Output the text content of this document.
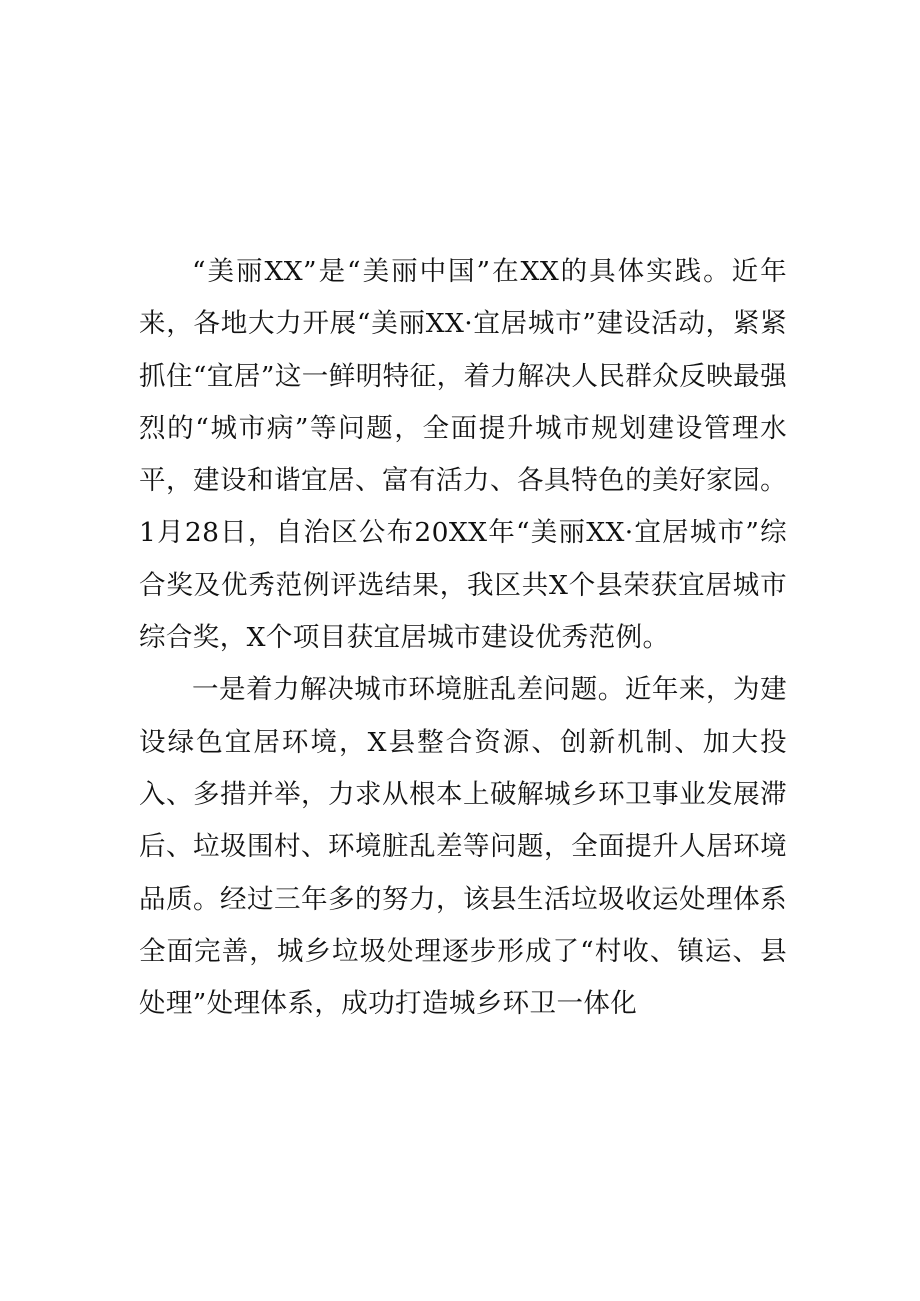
“美丽XX”是“美丽中国”在XX的具体实践。近年来，各地大力开展“美丽XX·宜居城市”建设活动，紧紧抓住“宜居”这一鲜明特征，着力解决人民群众反映最强烈的“城市病”等问题，全面提升城市规划建设管理水平，建设和谐宜居、富有活力、各具特色的美好家园。1月28日，自治区公布20XX年“美丽XX·宜居城市”综合奖及优秀范例评选结果，我区共X个县荣获宜居城市综合奖，X个项目获宜居城市建设优秀范例。

一是着力解决城市环境脏乱差问题。近年来，为建设绿色宜居环境，X县整合资源、创新机制、加大投入、多措并举，力求从根本上破解城乡环卫事业发展滞后、垃圾围村、环境脏乱差等问题，全面提升人居环境品质。经过三年多的努力，该县生活垃圾收运处理体系全面完善，城乡垃圾处理逐步形成了“村收、镇运、县处理”处理体系，成功打造城乡环卫一体化
